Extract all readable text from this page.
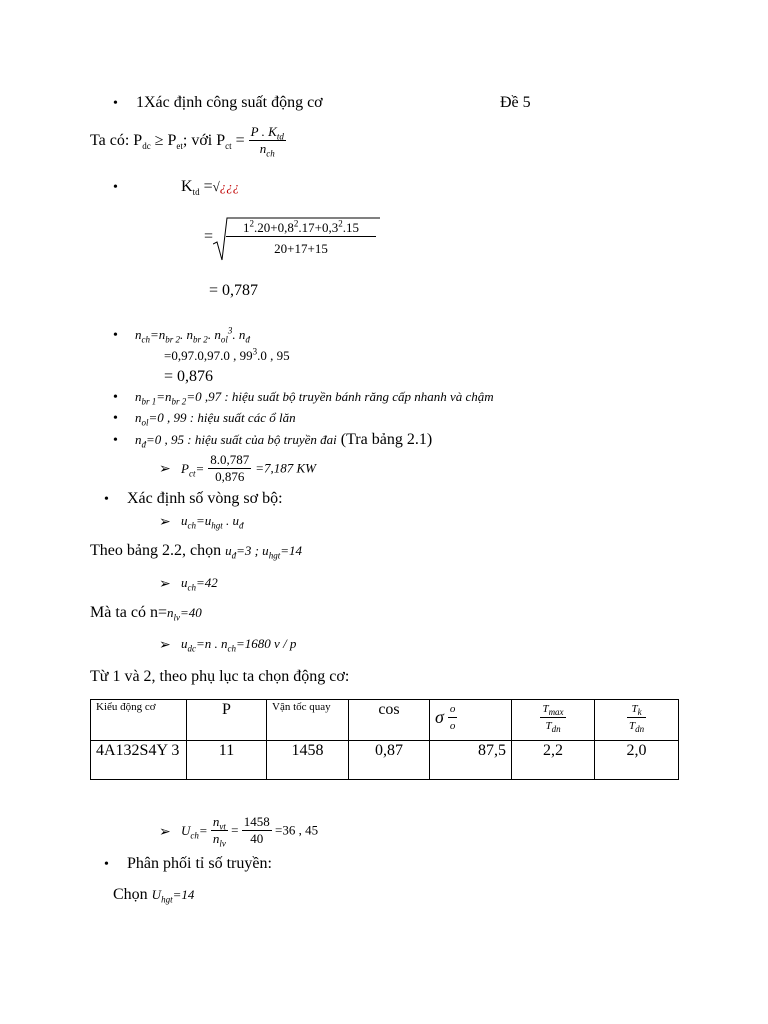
• 1Xác định công suất động cơ	Đề 5
Ta có: $P_{dc} \ge P_{et}$; với $P_{ct} = \frac{P . K_{td}}{n_{ch}}$
•	$K_{td}$ =√¿¿¿
=
$1^2.20+0,8^2.17+0,3^2.15$
20+17+15
= 0,787
• $n_{ch}=n_{br 2}$. $n_{br 2}$. $n_{ol}^3$. $n_đ$
=0,97.0,97.0 , $99^3.0$ , 95
= 0,876
• $n_{br 1}=n_{br 2}=0$ ,97 : hiệu suất bộ truyền bánh răng cấp nhanh và chậm
• $n_{ol}=0$ , 99 : hiệu suất các ổ lăn
• $n_đ=0$ , 95 : hiệu suất của bộ truyền đai (Tra bảng 2.1)
➢ $P_{ct}= \frac{8.0,787}{0,876} =7,187$ KW
• Xác định số vòng sơ bộ:
➢ $u_{ch}=u_{hgt}$ . $u_đ$
Theo bảng 2.2, chọn $u_đ=3$ ; $u_{hgt}=14$
➢ $u_{ch}=42$
Mà ta có $n=n_{lv}=40$
➢ $u_{dc}=n$ . $n_{ch}=1680$ v / p
Từ 1 và 2, theo phụ lục ta chọn động cơ:
Kiểu động cơ	P	Vận tốc quay	cos	σ $\frac{o}{o}$	$\frac{T_{max}}{T_{dn}}$	$\frac{T_k}{T_{dn}}$

4A132S4Y 3	11	1458	0,87	87,5	2,2	2,0
➢ $U_{ch}= \frac{n_{vt}}{n_{lv}} = \frac{1458}{40} =36$ , 45
• Phân phối tỉ số truyền:
Chọn $U_{hgt}=14$
